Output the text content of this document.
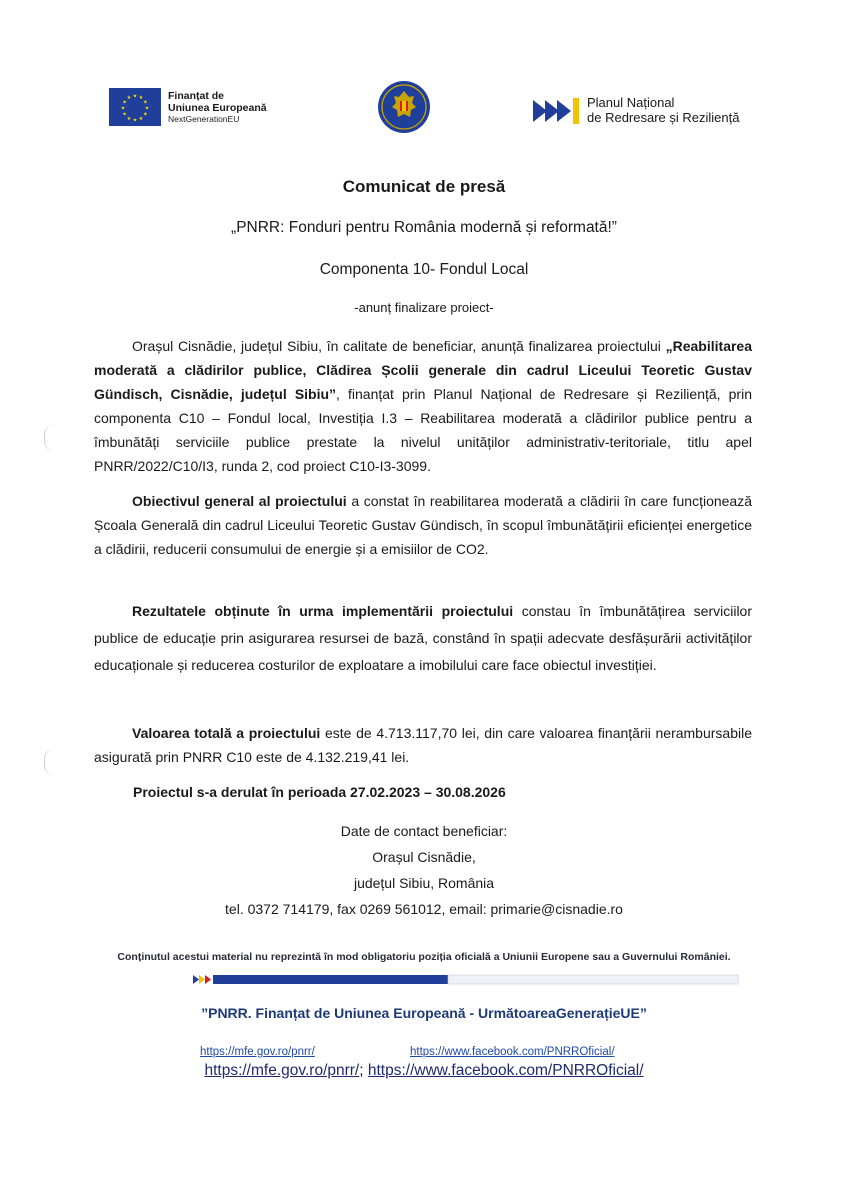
★ ★
★
★
★
★
★
★
★
★
★
★	Finanțat de
Uniunea Europeană
NextGenerationEU
Planul Național
de Redresare și Reziliență
Comunicat de presă
„PNRR: Fonduri pentru România modernă și reformată!”
Componenta 10- Fondul Local
-anunț finalizare proiect-
Orașul Cisnădie, județul Sibiu, în calitate de beneficiar, anunță finalizarea proiectului „Reabilitarea moderată a clădirilor publice, Clădirea Școlii generale din cadrul Liceului Teoretic Gustav Gündisch, Cisnădie, județul Sibiu”, finanțat prin Planul Național de Redresare și Reziliență, prin componenta C10 – Fondul local, Investiția I.3 – Reabilitarea moderată a clădirilor publice pentru a îmbunătăți serviciile publice prestate la nivelul unităților administrativ-teritoriale, titlu apel PNRR/2022/C10/I3, runda 2, cod proiect C10-I3-3099.
Obiectivul general al proiectului a constat în reabilitarea moderată a clădirii în care funcționează Școala Generală din cadrul Liceului Teoretic Gustav Gündisch, în scopul îmbunătățirii eficienței energetice a clădirii, reducerii consumului de energie și a emisiilor de CO2.
Rezultatele obținute în urma implementării proiectului constau în îmbunătățirea serviciilor publice de educație prin asigurarea resursei de bază, constând în spații adecvate desfășurării activităților educaționale și reducerea costurilor de exploatare a imobilului care face obiectul investiției.
Valoarea totală a proiectului este de 4.713.117,70 lei, din care valoarea finanțării nerambursabile asigurată prin PNRR C10 este de 4.132.219,41 lei.
Proiectul s-a derulat în perioada 27.02.2023 – 30.08.2026
Date de contact beneficiar:
Orașul Cisnădie,
județul Sibiu, România
tel. 0372 714179, fax 0269 561012, email: primarie@cisnadie.ro
Conținutul acestui material nu reprezintă în mod obligatoriu poziția oficială a Uniunii Europene sau a Guvernului României.
”PNRR. Finanțat de Uniunea Europeană - UrmătoareaGenerațieUE”
https://mfe.gov.ro/pnrr/	https://www.facebook.com/PNRROficial/
https://mfe.gov.ro/pnrr/; https://www.facebook.com/PNRROficial/
